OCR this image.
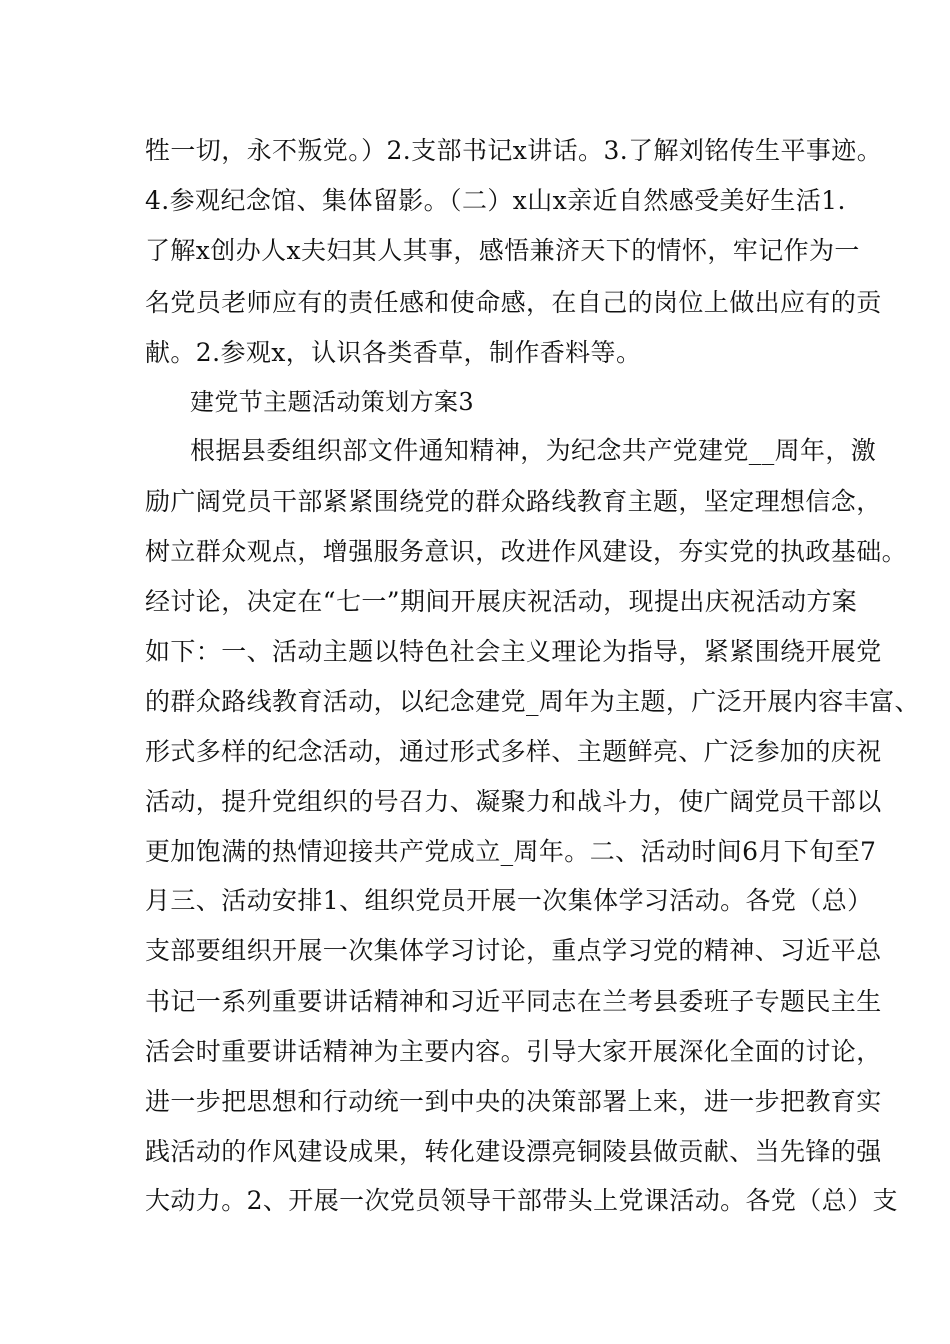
牲一切，永不叛党。）2.支部书记x讲话。3.了解刘铭传生平事迹。
4.参观纪念馆、集体留影。（二）x山x亲近自然感受美好生活1.
了解x创办人x夫妇其人其事，感悟兼济天下的情怀，牢记作为一
名党员老师应有的责任感和使命感，在自己的岗位上做出应有的贡
献。2.参观x，认识各类香草，制作香料等。
建党节主题活动策划方案3
根据县委组织部文件通知精神，为纪念共产党建党__周年，激
励广阔党员干部紧紧围绕党的群众路线教育主题，坚定理想信念，
树立群众观点，增强服务意识，改进作风建设，夯实党的执政基础。
经讨论，决定在“七一”期间开展庆祝活动，现提出庆祝活动方案
如下：一、活动主题以特色社会主义理论为指导，紧紧围绕开展党
的群众路线教育活动，以纪念建党_周年为主题，广泛开展内容丰富、
形式多样的纪念活动，通过形式多样、主题鲜亮、广泛参加的庆祝
活动，提升党组织的号召力、凝聚力和战斗力，使广阔党员干部以
更加饱满的热情迎接共产党成立_周年。二、活动时间6月下旬至7
月三、活动安排1、组织党员开展一次集体学习活动。各党（总）
支部要组织开展一次集体学习讨论，重点学习党的精神、习近平总
书记一系列重要讲话精神和习近平同志在兰考县委班子专题民主生
活会时重要讲话精神为主要内容。引导大家开展深化全面的讨论，
进一步把思想和行动统一到中央的决策部署上来，进一步把教育实
践活动的作风建设成果，转化建设漂亮铜陵县做贡献、当先锋的强
大动力。2、开展一次党员领导干部带头上党课活动。各党（总）支
